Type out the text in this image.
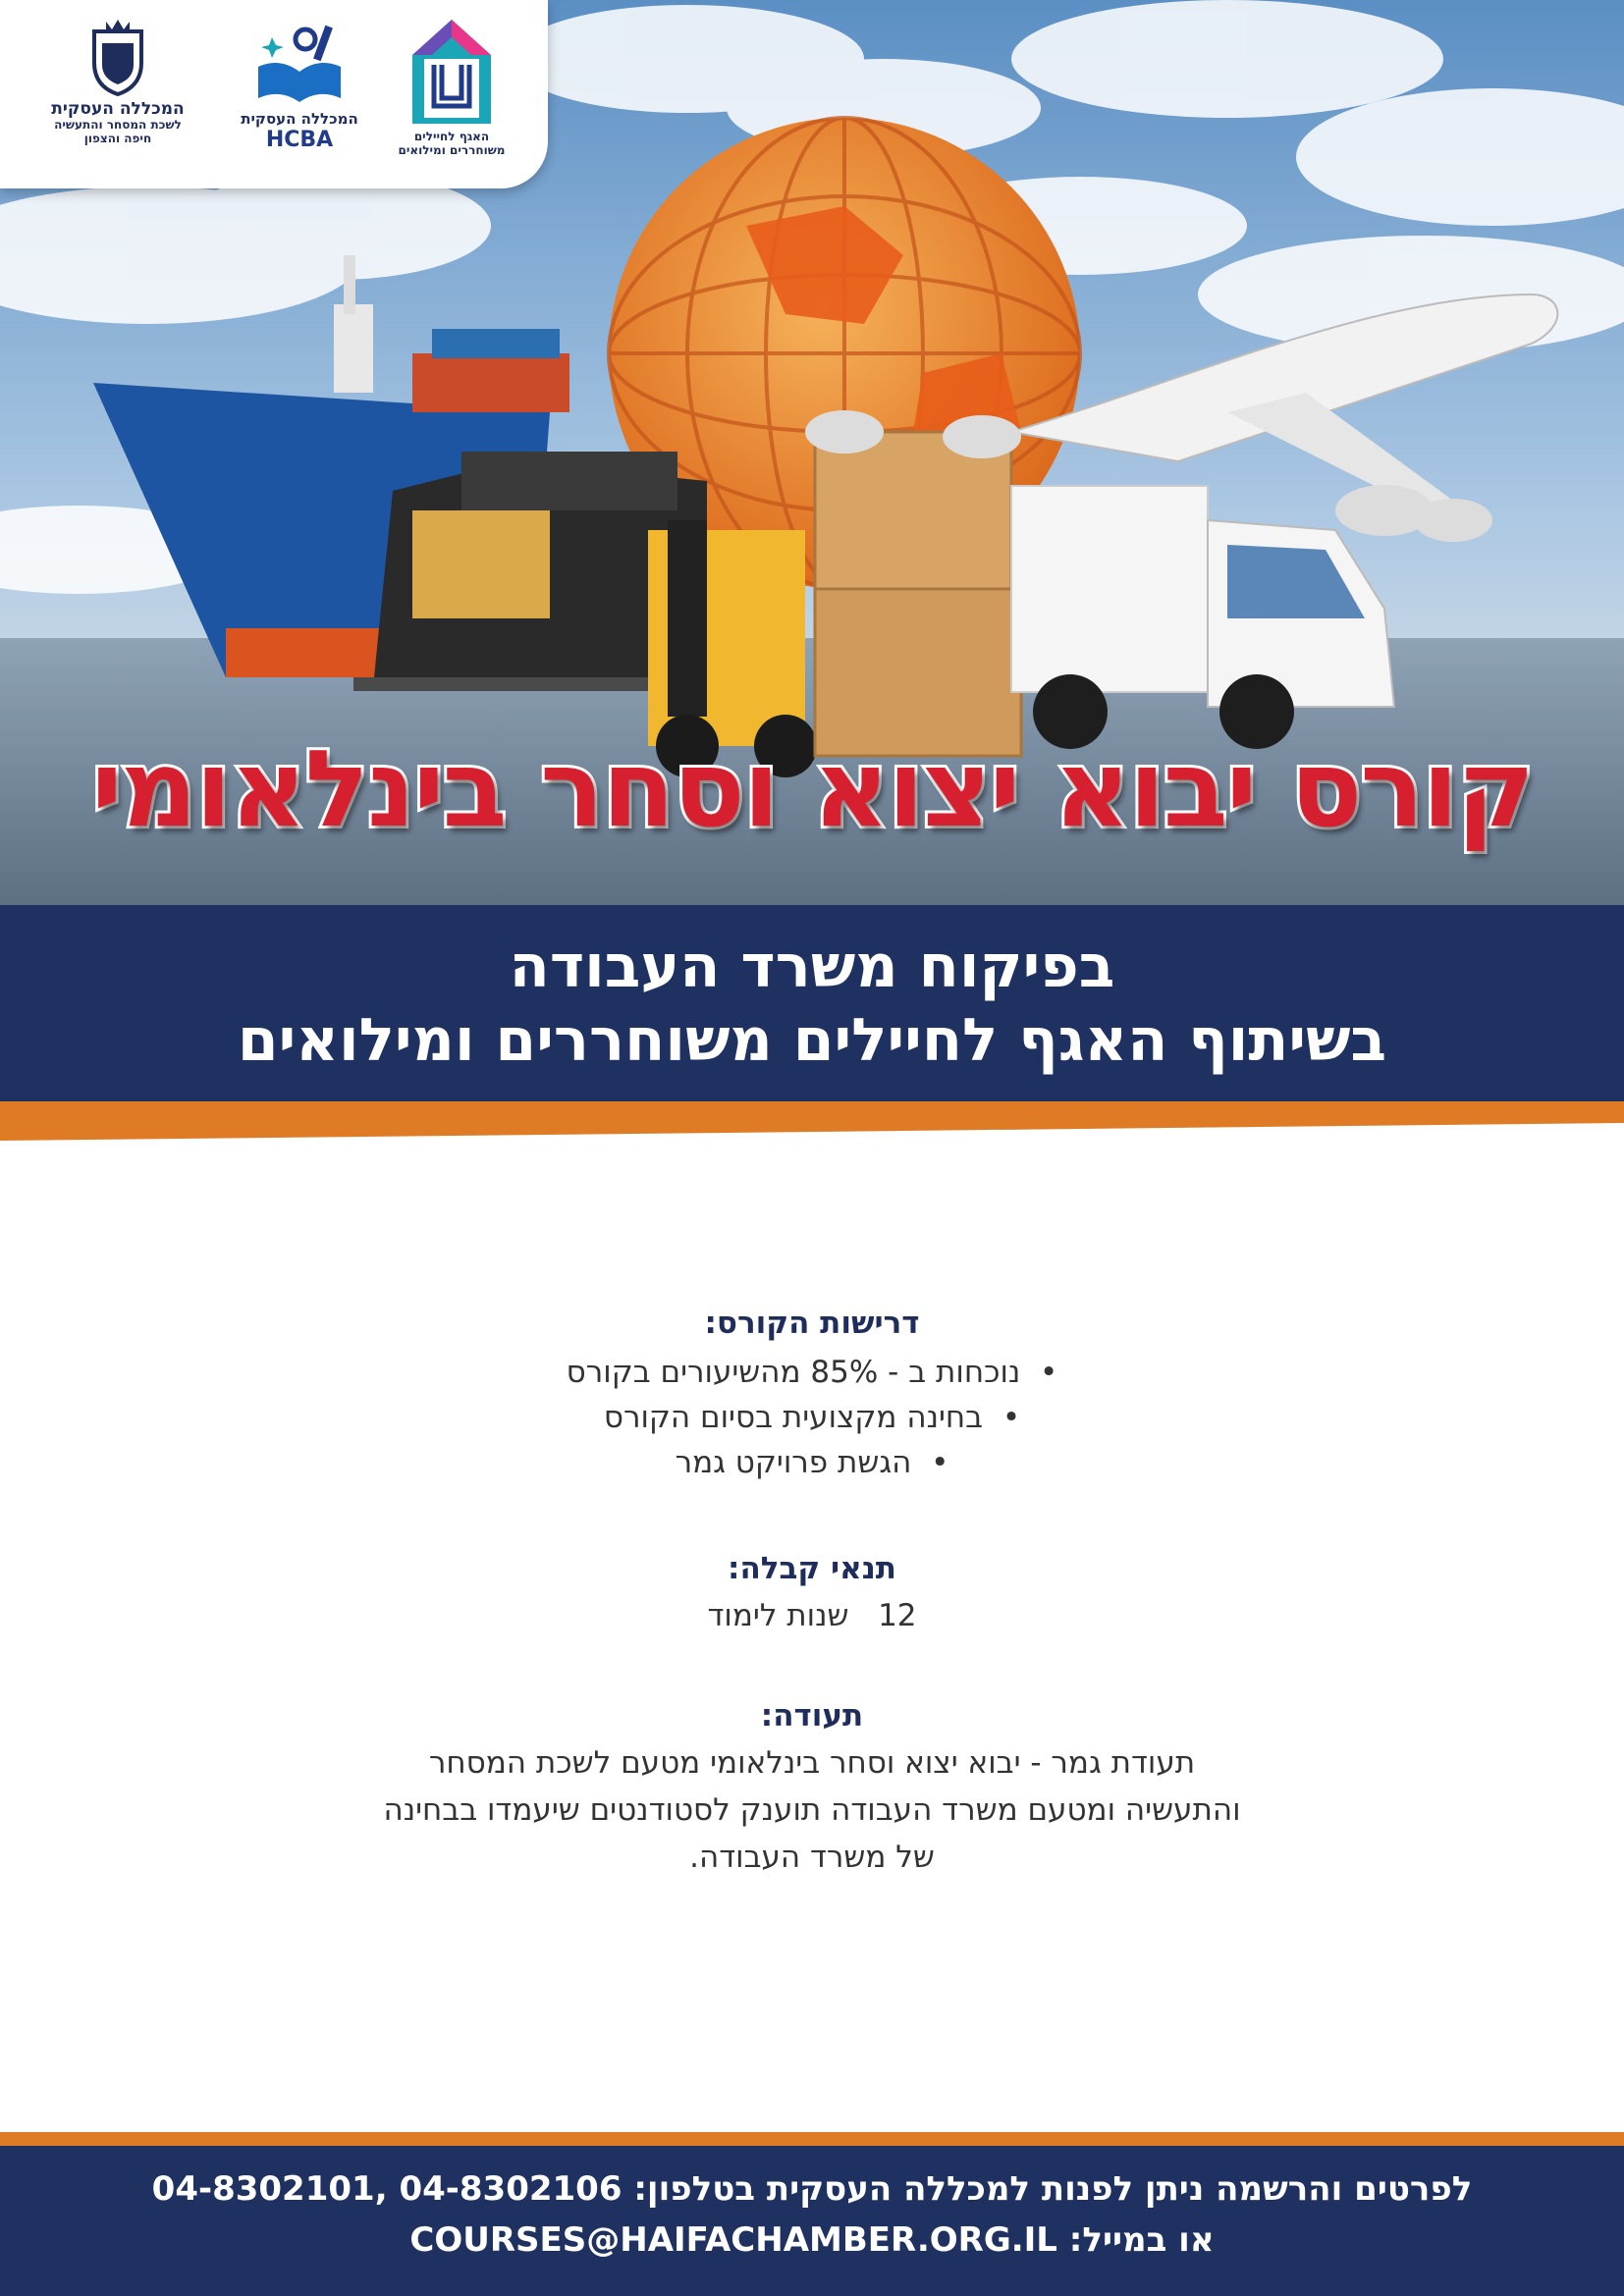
האגף לחיילים
משוחררים ומילואים
המכללה העסקית
HCBA
המכללה העסקית
לשכת המסחר והתעשיה
חיפה והצפון
קורס יבוא יצוא וסחר בינלאומי
בפיקוח משרד העבודה
בשיתוף האגף לחיילים משוחררים ומילואים
דרישות הקורס:
•  נוכחות ב - 85% מהשיעורים בקורס
•  בחינה מקצועית בסיום הקורס
•  הגשת פרויקט גמר
תנאי קבלה:
12   שנות לימוד
תעודה:
תעודת גמר - יבוא יצוא וסחר בינלאומי מטעם לשכת המסחר
והתעשיה ומטעם משרד העבודה תוענק לסטודנטים שיעמדו בבחינה
של משרד העבודה.
לפרטים והרשמה ניתן לפנות למכללה העסקית בטלפון: 04-8302106 ,04-8302101
או במייל: COURSES@HAIFACHAMBER.ORG.IL
